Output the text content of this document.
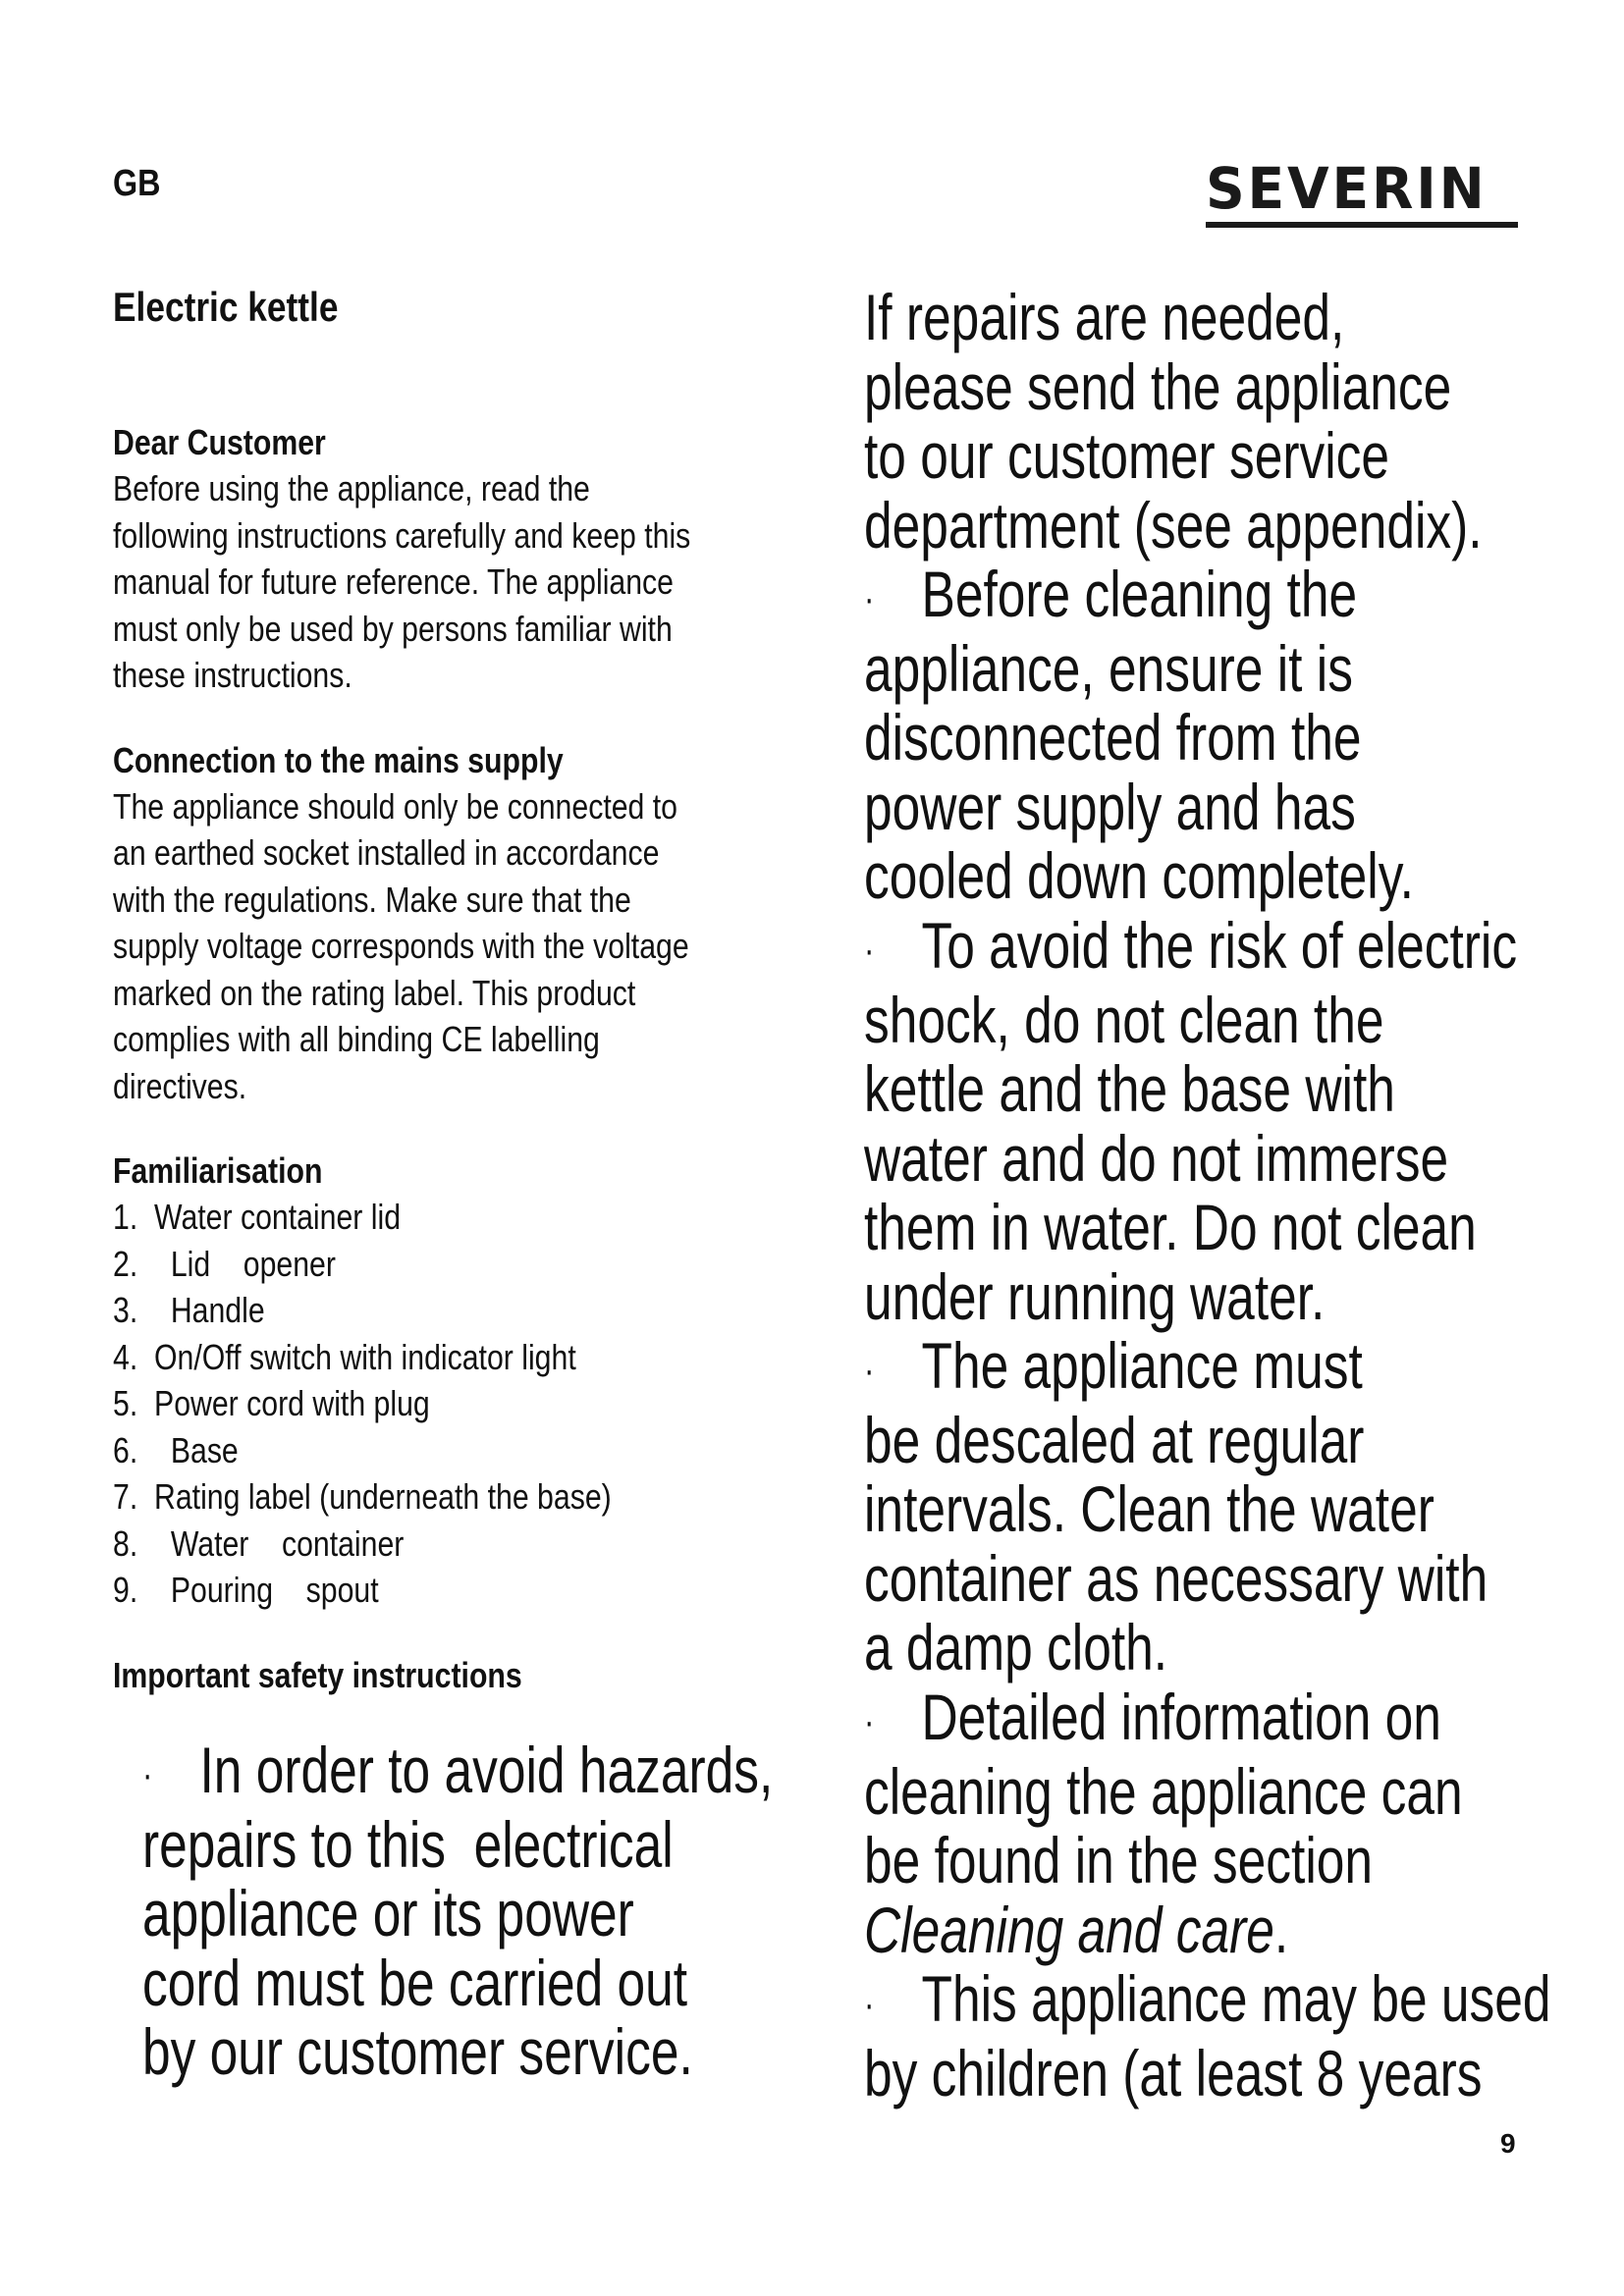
GB	SEVERIN
Electric kettle
Dear Customer

Before using the appliance, read the
following instructions carefully and keep this
manual for future reference. The appliance
must only be used by persons familiar with
these instructions.

Connection to the mains supply

The appliance should only be connected to
an earthed socket installed in accordance
with the regulations. Make sure that the
supply voltage corresponds with the voltage
marked on the rating label. This product
complies with all binding CE labelling
directives.

Familiarisation
1.  Water container lid
2.    Lid    opener
3.    Handle
4.  On/Off switch with indicator light
5.  Power cord with plug
6.    Base
7.  Rating label (underneath the base)
8.    Water    container
9.    Pouring    spout
Important safety instructions
· In order to avoid hazards,
repairs to this  electrical
appliance or its power
cord must be carried out
by our customer service.
If repairs are needed,
please send the appliance
to our customer service
department (see appendix).
· Before cleaning the
appliance, ensure it is
disconnected from the
power supply and has
cooled down completely.
· To avoid the risk of electric
shock, do not clean the
kettle and the base with
water and do not immerse
them in water. Do not clean
under running water.
· The appliance must
be descaled at regular
intervals. Clean the water
container as necessary with
a damp cloth.
· Detailed information on
cleaning the appliance can
be found in the section
Cleaning and care.
· This appliance may be used
by children (at least 8 years
9
